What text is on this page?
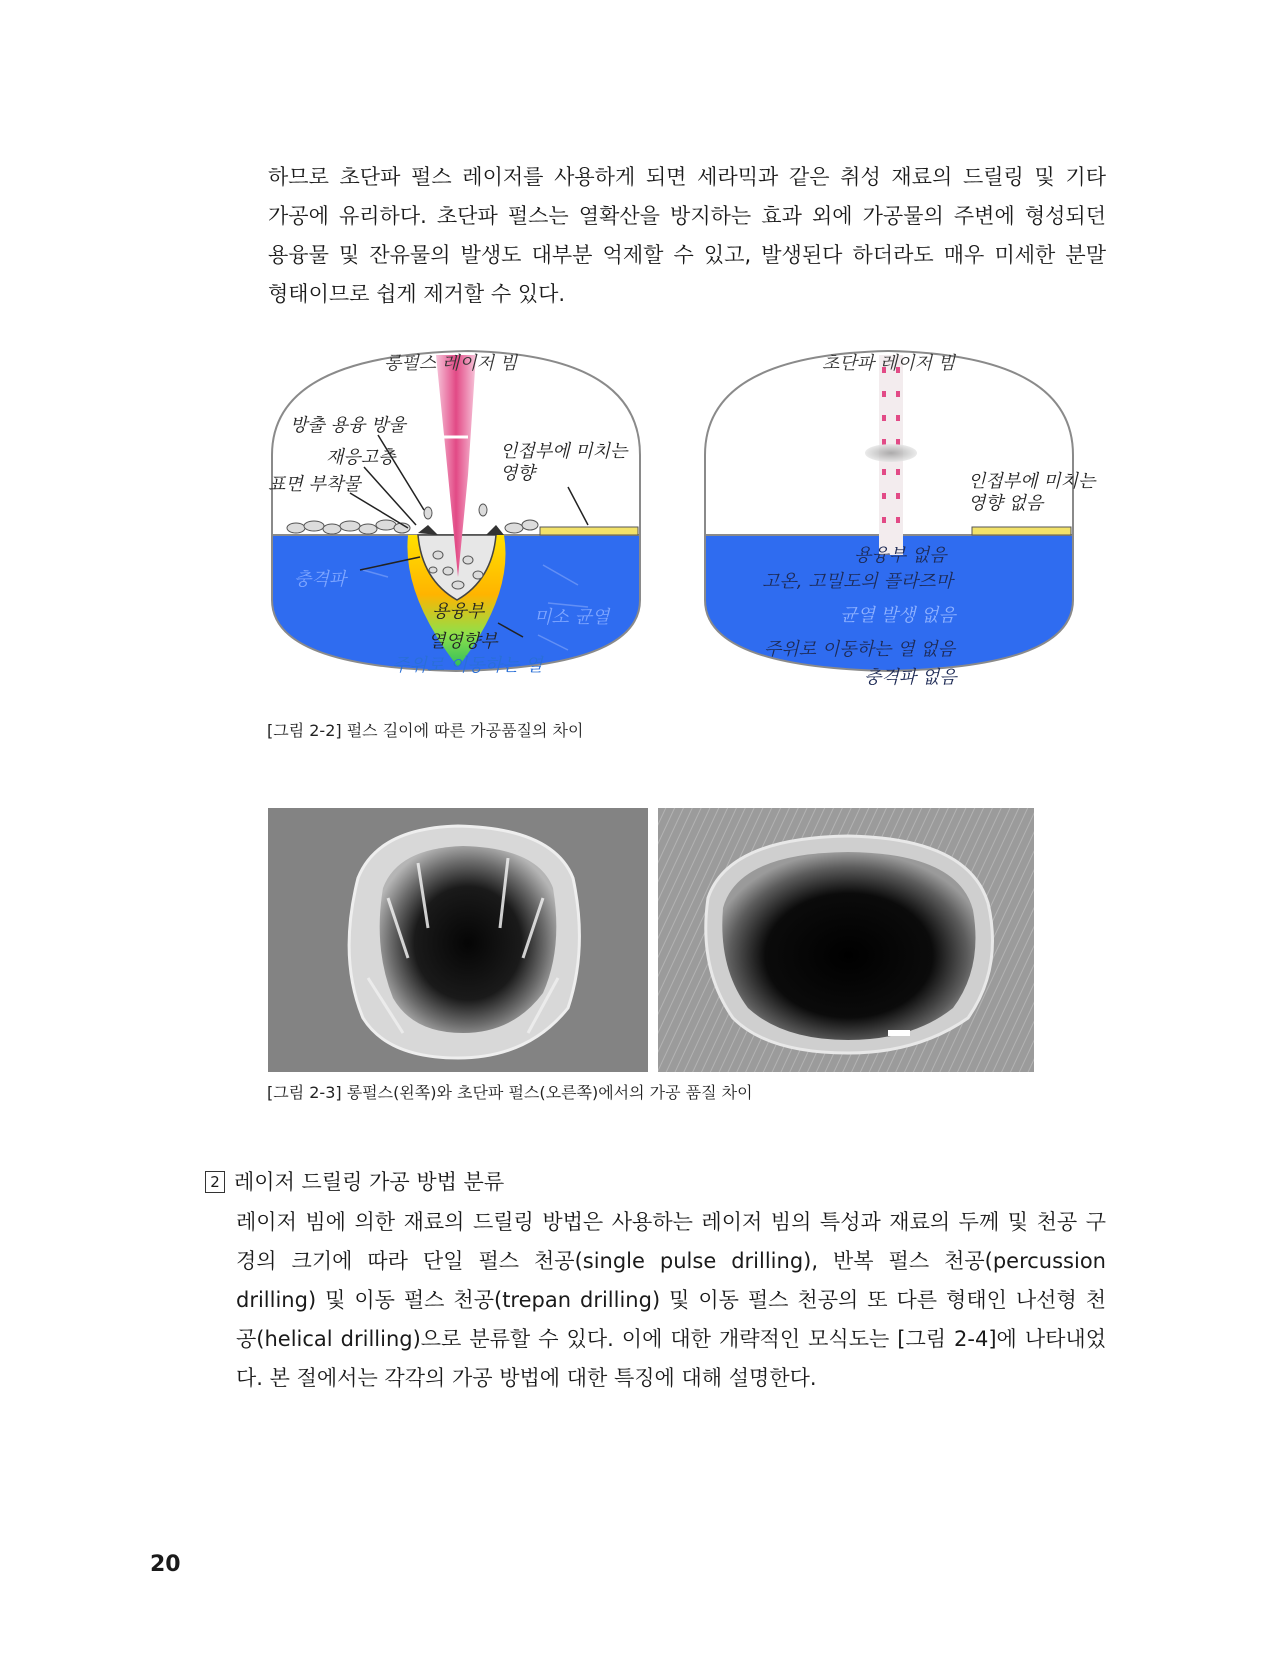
하므로 초단파 펄스 레이저를 사용하게 되면 세라믹과 같은 취성 재료의 드릴링 및 기타
가공에 유리하다. 초단파 펄스는 열확산을 방지하는 효과 외에 가공물의 주변에 형성되던
용융물 및 잔유물의 발생도 대부분 억제할 수 있고, 발생된다 하더라도 매우 미세한 분말
형태이므로 쉽게 제거할 수 있다.
롱펄스 레이저 빔
방출 용융 방울
재응고층
표면 부착물
인접부에 미치는
영향
충격파
용융부	미소 균열
열영향부
주위로 이동하는 열
초단파 레이저 빔
인접부에 미치는
영향 없음
용융부 없음
고온, 고밀도의 플라즈마
균열 발생 없음
주위로 이동하는 열 없음
충격파 없음
[그림 2-2] 펄스 길이에 따른 가공품질의 차이
[그림 2-3] 롱펄스(왼쪽)와 초단파 펄스(오른쪽)에서의 가공 품질 차이
2 레이저 드릴링 가공 방법 분류
레이저 빔에 의한 재료의 드릴링 방법은 사용하는 레이저 빔의 특성과 재료의 두께 및 천공 구
경의 크기에 따라 단일 펄스 천공(single pulse drilling), 반복 펄스 천공(percussion
drilling) 및 이동 펄스 천공(trepan drilling) 및 이동 펄스 천공의 또 다른 형태인 나선형 천
공(helical drilling)으로 분류할 수 있다. 이에 대한 개략적인 모식도는 [그림 2-4]에 나타내었
다. 본 절에서는 각각의 가공 방법에 대한 특징에 대해 설명한다.
20
